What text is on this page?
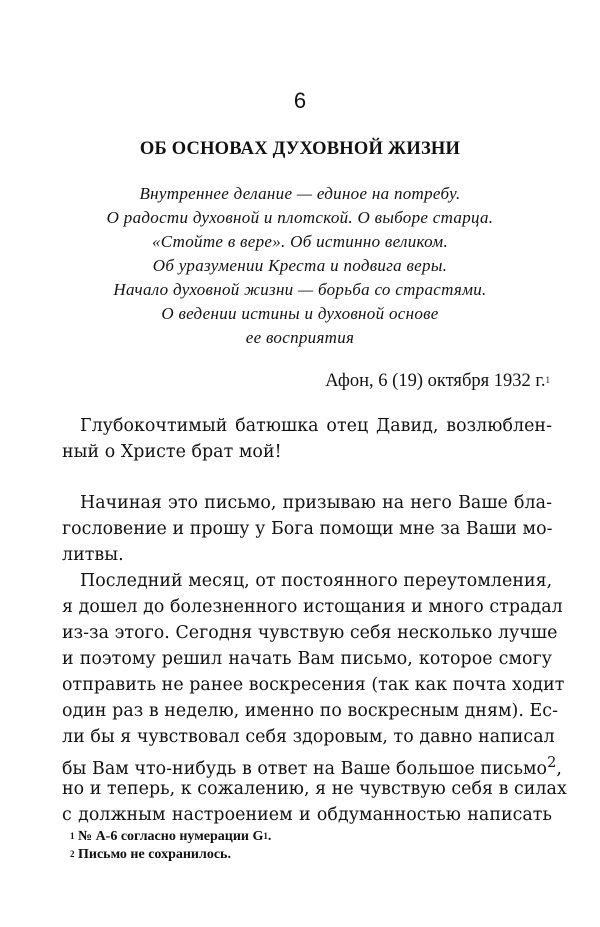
6
ОБ ОСНОВАХ ДУХОВНОЙ ЖИЗНИ
Внутреннее делание — единое на потребу.
О радости духовной и плотской. О выборе старца.
«Стойте в вере». Об истинно великом.
Об уразумении Креста и подвига веры.
Начало духовной жизни — борьба со страстями.
О ведении истины и духовной основе
ее восприятия
Афон, 6 (19) октября 1932 г.$^1$
Глубокочтимый батюшка отец Давид, возлюблен-
ный о Христе брат мой!
Начиная это письмо, призываю на него Ваше бла-
гословение и прошу у Бога помощи мне за Ваши мо-
литвы.
Последний месяц, от постоянного переутомления,
я дошел до болезненного истощания и много страдал
из-за этого. Сегодня чувствую себя несколько лучше
и поэтому решил начать Вам письмо, которое смогу
отправить не ранее воскресения (так как почта ходит
один раз в неделю, именно по воскресным дням). Ес-
ли бы я чувствовал себя здоровым, то давно написал
бы Вам что-нибудь в ответ на Ваше большое письмо$^2$,
но и теперь, к сожалению, я не чувствую себя в силах
с должным настроением и обдуманностью написать
$^1$ № А-6 согласно нумерации $G^1$.
$^2$ Письмо не сохранилось.
